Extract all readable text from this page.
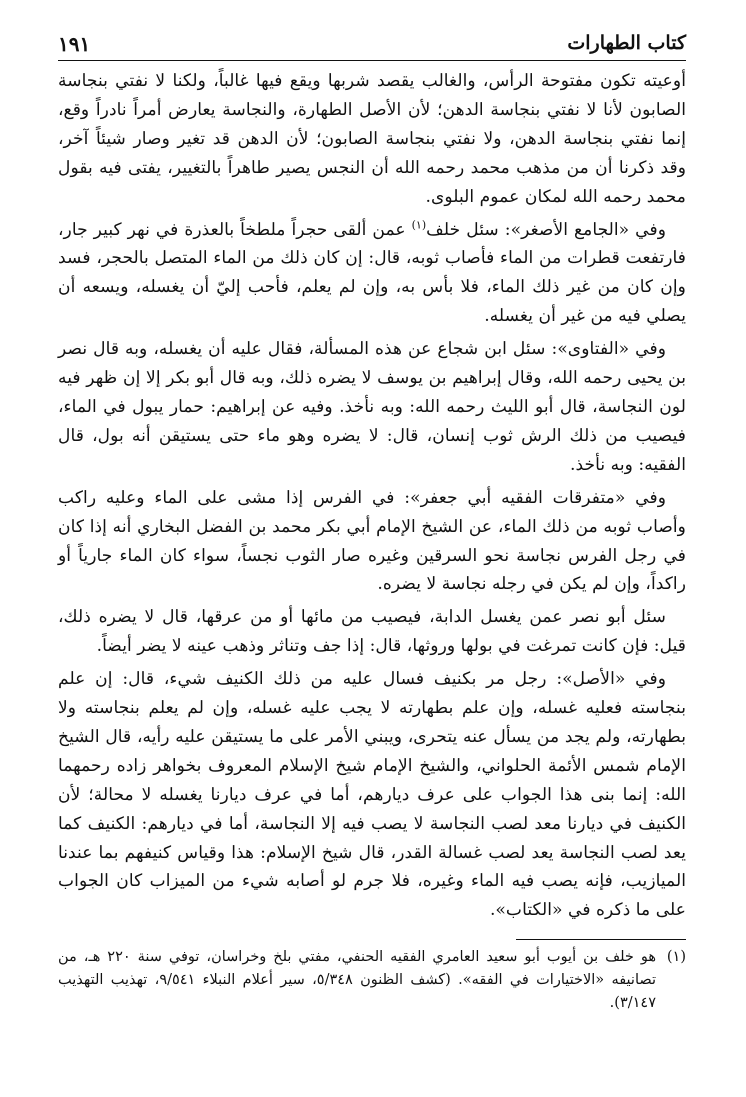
كتاب الطهارات
١٩١

أوعيته تكون مفتوحة الرأس، والغالب يقصد شربها ويقع فيها غالباً، ولكنا لا نفتي بنجاسة الصابون لأنا لا نفتي بنجاسة الدهن؛ لأن الأصل الطهارة، والنجاسة يعارض أمراً نادراً وقع، إنما نفتي بنجاسة الدهن، ولا نفتي بنجاسة الصابون؛ لأن الدهن قد تغير وصار شيئاً آخر، وقد ذكرنا أن من مذهب محمد رحمه الله أن النجس يصير طاهراً بالتغيير، يفتى فيه بقول محمد رحمه الله لمكان عموم البلوى.

وفي «الجامع الأصغر»: سئل خلف$^{(١)}$ عمن ألقى حجراً ملطخاً بالعذرة في نهر كبير جار، فارتفعت قطرات من الماء فأصاب ثوبه، قال: إن كان ذلك من الماء المتصل بالحجر، فسد وإن كان من غير ذلك الماء، فلا بأس به، وإن لم يعلم، فأحب إليّ أن يغسله، ويسعه أن يصلي فيه من غير أن يغسله.

وفي «الفتاوى»: سئل ابن شجاع عن هذه المسألة، فقال عليه أن يغسله، وبه قال نصر بن يحيى رحمه الله، وقال إبراهيم بن يوسف لا يضره ذلك، وبه قال أبو بكر إلا إن ظهر فيه لون النجاسة، قال أبو الليث رحمه الله: وبه نأخذ. وفيه عن إبراهيم: حمار يبول في الماء، فيصيب من ذلك الرش ثوب إنسان، قال: لا يضره وهو ماء حتى يستيقن أنه بول، قال الفقيه: وبه نأخذ.

وفي «متفرقات الفقيه أبي جعفر»: في الفرس إذا مشى على الماء وعليه راكب وأصاب ثوبه من ذلك الماء، عن الشيخ الإمام أبي بكر محمد بن الفضل البخاري أنه إذا كان في رجل الفرس نجاسة نحو السرقين وغيره صار الثوب نجساً، سواء كان الماء جارياً أو راكداً، وإن لم يكن في رجله نجاسة لا يضره.

سئل أبو نصر عمن يغسل الدابة، فيصيب من مائها أو من عرقها، قال لا يضره ذلك، قيل: فإن كانت تمرغت في بولها وروثها، قال: إذا جف وتناثر وذهب عينه لا يضر أيضاً.

وفي «الأصل»: رجل مر بكنيف فسال عليه من ذلك الكنيف شيء، قال: إن علم بنجاسته فعليه غسله، وإن علم بطهارته لا يجب عليه غسله، وإن لم يعلم بنجاسته ولا بطهارته، ولم يجد من يسأل عنه يتحرى، ويبني الأمر على ما يستيقن عليه رأيه، قال الشيخ الإمام شمس الأئمة الحلواني، والشيخ الإمام شيخ الإسلام المعروف بخواهر زاده رحمهما الله: إنما بنى هذا الجواب على عرف ديارهم، أما في عرف ديارنا يغسله لا محالة؛ لأن الكنيف في ديارنا معد لصب النجاسة لا يصب فيه إلا النجاسة، أما في ديارهم: الكنيف كما يعد لصب النجاسة يعد لصب غسالة القدر، قال شيخ الإسلام: هذا وقياس كنيفهم بما عندنا الميازيب، فإنه يصب فيه الماء وغيره، فلا جرم لو أصابه شيء من الميزاب كان الجواب على ما ذكره في «الكتاب».

(١)
هو خلف بن أيوب أبو سعيد العامري الفقيه الحنفي، مفتي بلخ وخراسان، توفي سنة ٢٢٠ هـ، من تصانيفه «الاختيارات في الفقه». (كشف الظنون ٥/٣٤٨، سير أعلام النبلاء ٩/٥٤١، تهذيب التهذيب ٣/١٤٧).
